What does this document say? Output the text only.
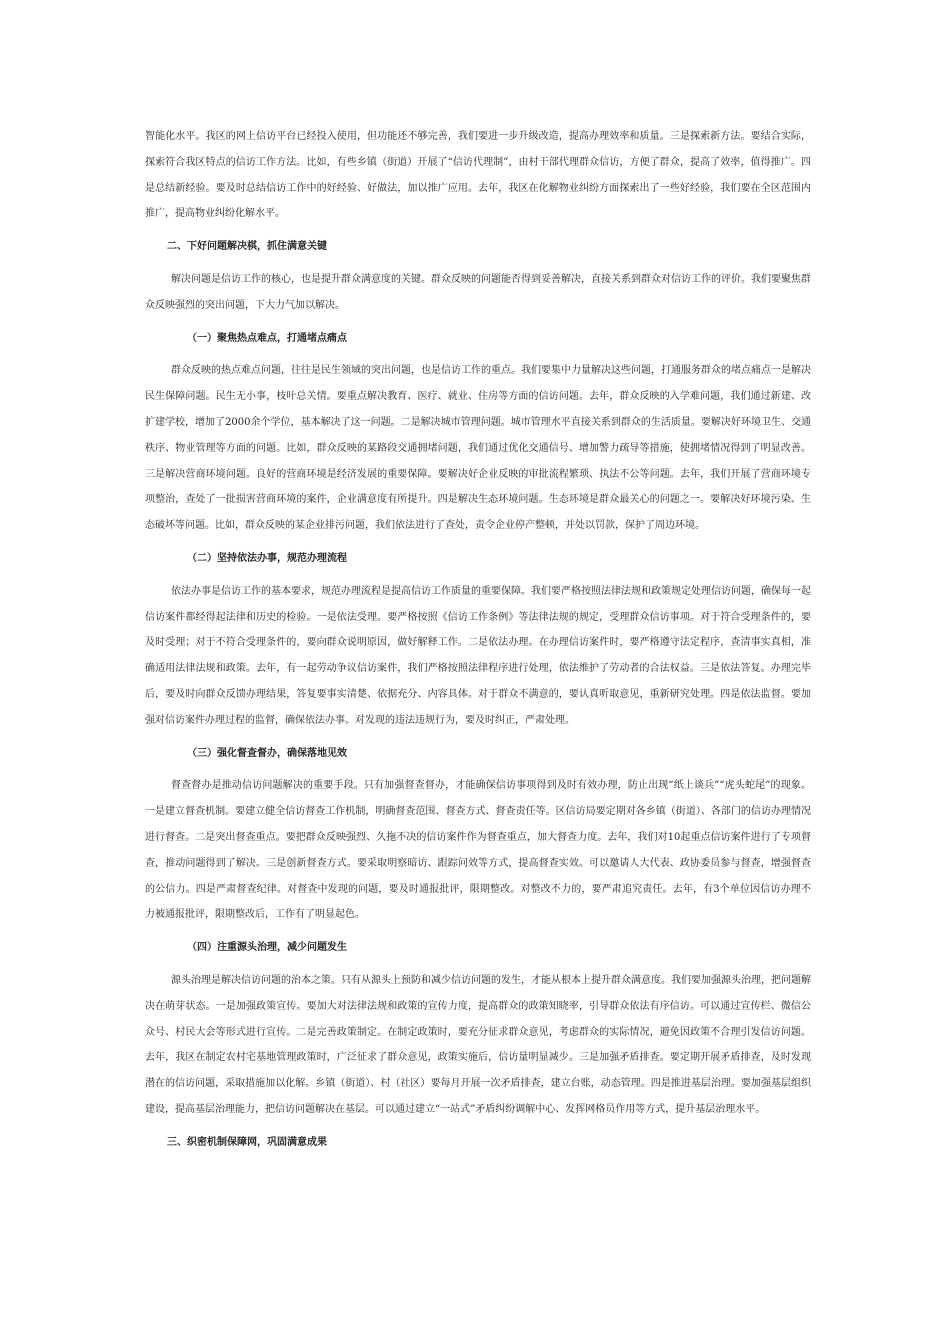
智能化水平。我区的网上信访平台已经投入使用，但功能还不够完善，我们要进一步升级改造，提高办理效率和质量。三是探索新方法。要结合实际，探索符合我区特点的信访工作方法。比如，有些乡镇（街道）开展了“信访代理制”，由村干部代理群众信访，方便了群众，提高了效率，值得推广。四是总结新经验。要及时总结信访工作中的好经验、好做法，加以推广应用。去年，我区在化解物业纠纷方面探索出了一些好经验，我们要在全区范围内推广，提高物业纠纷化解水平。

二、下好问题解决棋，抓住满意关键

解决问题是信访工作的核心，也是提升群众满意度的关键。群众反映的问题能否得到妥善解决，直接关系到群众对信访工作的评价。我们要聚焦群众反映强烈的突出问题，下大力气加以解决。

（一）聚焦热点难点，打通堵点痛点

群众反映的热点难点问题，往往是民生领域的突出问题，也是信访工作的重点。我们要集中力量解决这些问题，打通服务群众的堵点痛点一是解决民生保障问题。民生无小事，枝叶总关情。要重点解决教育、医疗、就业、住房等方面的信访问题。去年，群众反映的入学难问题，我们通过新建、改扩建学校，增加了2000余个学位，基本解决了这一问题。二是解决城市管理问题。城市管理水平直接关系到群众的生活质量。要解决好环境卫生、交通秩序、物业管理等方面的问题。比如，群众反映的某路段交通拥堵问题，我们通过优化交通信号、增加警力疏导等措施，使拥堵情况得到了明显改善。三是解决营商环境问题。良好的营商环境是经济发展的重要保障。要解决好企业反映的审批流程繁琐、执法不公等问题。去年，我们开展了营商环境专项整治，查处了一批损害营商环境的案件，企业满意度有所提升。四是解决生态环境问题。生态环境是群众最关心的问题之一。要解决好环境污染、生态破坏等问题。比如，群众反映的某企业排污问题，我们依法进行了查处，责令企业停产整顿，并处以罚款，保护了周边环境。

（二）坚持依法办事，规范办理流程

依法办事是信访工作的基本要求，规范办理流程是提高信访工作质量的重要保障。我们要严格按照法律法规和政策规定处理信访问题，确保每一起信访案件都经得起法律和历史的检验。一是依法受理。要严格按照《信访工作条例》等法律法规的规定，受理群众信访事项。对于符合受理条件的，要及时受理；对于不符合受理条件的，要向群众说明原因，做好解释工作。二是依法办理。在办理信访案件时，要严格遵守法定程序，查清事实真相，准确适用法律法规和政策。去年，有一起劳动争议信访案件，我们严格按照法律程序进行处理，依法维护了劳动者的合法权益。三是依法答复。办理完毕后，要及时向群众反馈办理结果，答复要事实清楚、依据充分、内容具体。对于群众不满意的，要认真听取意见，重新研究处理。四是依法监督。要加强对信访案件办理过程的监督，确保依法办事。对发现的违法违规行为，要及时纠正，严肃处理。

（三）强化督查督办，确保落地见效

督查督办是推动信访问题解决的重要手段。只有加强督查督办，才能确保信访事项得到及时有效办理，防止出现“纸上谈兵”“虎头蛇尾”的现象。一是建立督查机制。要建立健全信访督查工作机制，明确督查范围、督查方式、督查责任等。区信访局要定期对各乡镇（街道）、各部门的信访办理情况进行督查。二是突出督查重点。要把群众反映强烈、久拖不决的信访案件作为督查重点，加大督查力度。去年，我们对10起重点信访案件进行了专项督查，推动问题得到了解决。三是创新督查方式。要采取明察暗访、跟踪问效等方式，提高督查实效。可以邀请人大代表、政协委员参与督查，增强督查的公信力。四是严肃督查纪律。对督查中发现的问题，要及时通报批评，限期整改。对整改不力的，要严肃追究责任。去年，有3个单位因信访办理不力被通报批评，限期整改后，工作有了明显起色。

（四）注重源头治理，减少问题发生

源头治理是解决信访问题的治本之策。只有从源头上预防和减少信访问题的发生，才能从根本上提升群众满意度。我们要加强源头治理，把问题解决在萌芽状态。一是加强政策宣传。要加大对法律法规和政策的宣传力度，提高群众的政策知晓率，引导群众依法有序信访。可以通过宣传栏、微信公众号、村民大会等形式进行宣传。二是完善政策制定。在制定政策时，要充分征求群众意见，考虑群众的实际情况，避免因政策不合理引发信访问题。去年，我区在制定农村宅基地管理政策时，广泛征求了群众意见，政策实施后，信访量明显减少。三是加强矛盾排查。要定期开展矛盾排查，及时发现潜在的信访问题，采取措施加以化解。乡镇（街道）、村（社区）要每月开展一次矛盾排查，建立台账，动态管理。四是推进基层治理。要加强基层组织建设，提高基层治理能力，把信访问题解决在基层。可以通过建立“一站式”矛盾纠纷调解中心、发挥网格员作用等方式，提升基层治理水平。

三、织密机制保障网，巩固满意成果
